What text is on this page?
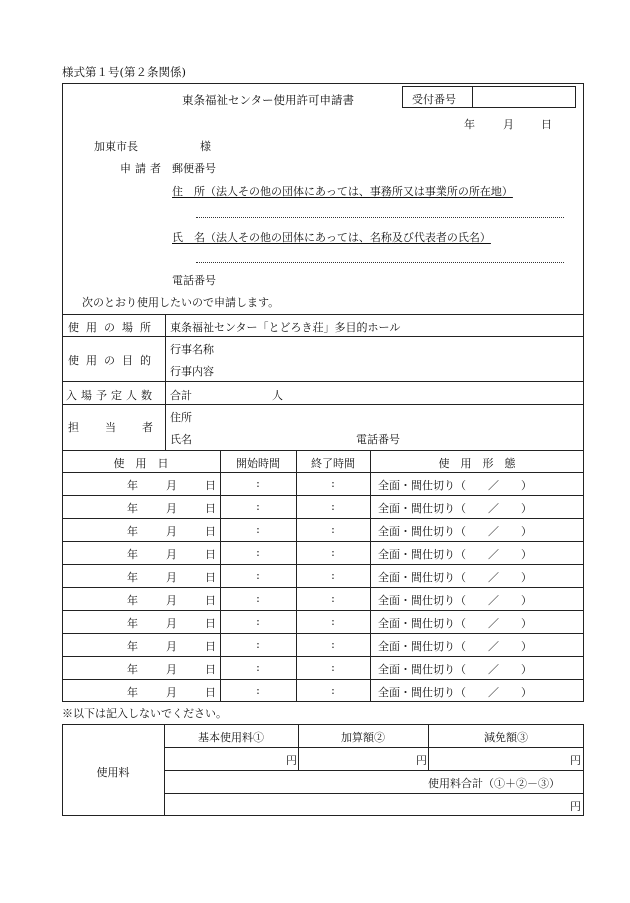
様式第１号(第２条関係)
東条福祉センター使用許可申請書	受付番号
年	月 日
加東市長	様
申請者 郵便番号
住　所（法人その他の団体にあっては、事務所又は事業所の所在地）
氏　名（法人その他の団体にあっては、名称及び代表者の氏名）
電話番号
次のとおり使用したいので申請します。
使用の場所 東条福祉センター「とどろき荘」多目的ホール
使用の目的
行事名称
行事内容
入場予定人数 合計	人
担当者
住所
氏名	電話番号
使　用　日	開始時間	終了時間	使　用　形　態
年	月	日	:	:	全面・間仕切り（　　／　　）
年	月	日	:	:	全面・間仕切り（　　／　　）
年	月	日	:	:	全面・間仕切り（　　／　　）
年	月	日	:	:	全面・間仕切り（　　／　　）
年	月	日	:	:	全面・間仕切り（　　／　　）
年	月	日	:	:	全面・間仕切り（　　／　　）
年	月	日	:	:	全面・間仕切り（　　／　　）
年	月	日	:	:	全面・間仕切り（　　／　　）
年	月	日	:	:	全面・間仕切り（　　／　　）
年	月	日	:	:	全面・間仕切り（　　／　　）
※以下は記入しないでください。
使用料
基本使用料①	加算額②	減免額③
円	円	円
使用料合計（①＋②－③）
円
